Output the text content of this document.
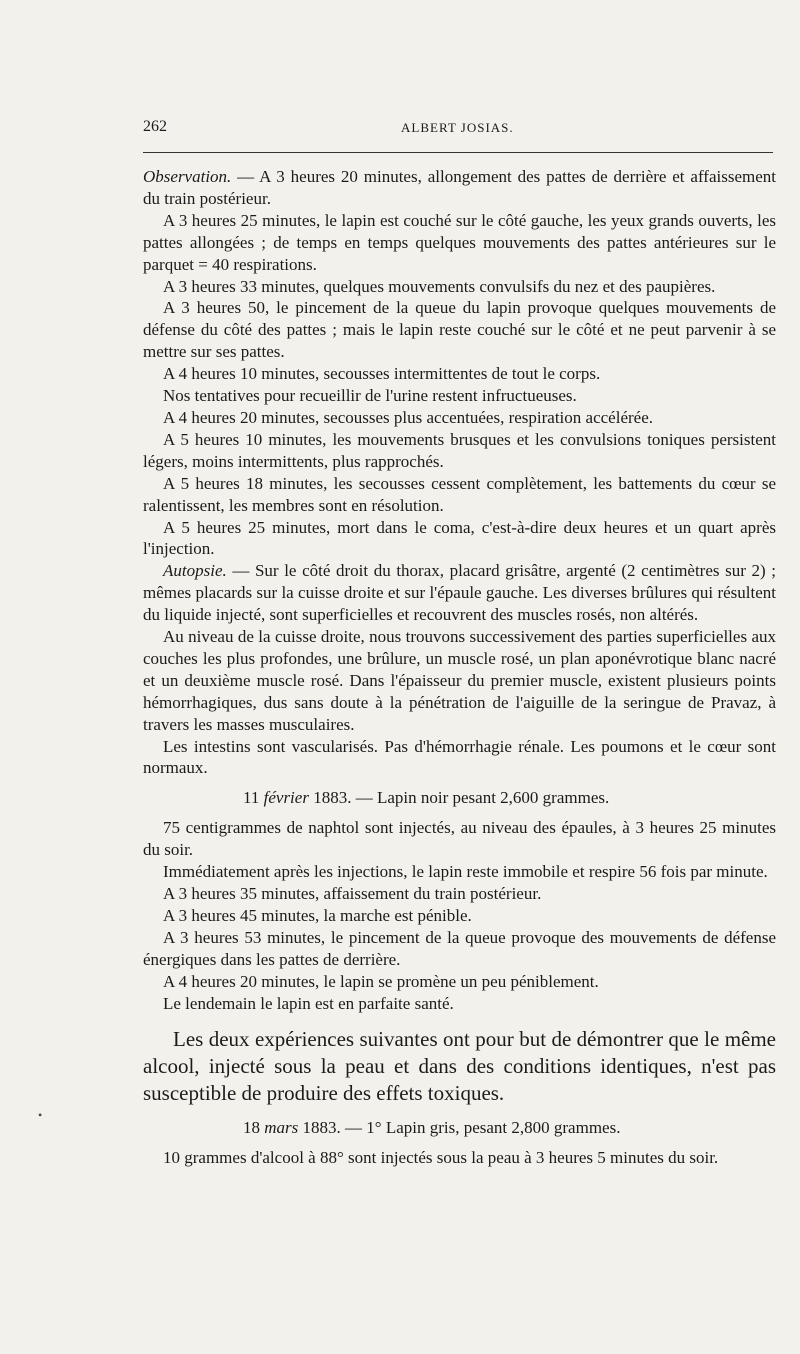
262	ALBERT JOSIAS.
•

Observation. — A 3 heures 20 minutes, allongement des pattes de derrière et affaissement du train postérieur.

A 3 heures 25 minutes, le lapin est couché sur le côté gauche, les yeux grands ouverts, les pattes allongées ; de temps en temps quelques mouvements des pattes antérieures sur le parquet = 40 respirations.

A 3 heures 33 minutes, quelques mouvements convulsifs du nez et des paupières.

A 3 heures 50, le pincement de la queue du lapin provoque quelques mouvements de défense du côté des pattes ; mais le lapin reste couché sur le côté et ne peut parvenir à se mettre sur ses pattes.

A 4 heures 10 minutes, secousses intermittentes de tout le corps.

Nos tentatives pour recueillir de l'urine restent infructueuses.

A 4 heures 20 minutes, secousses plus accentuées, respiration accélérée.

A 5 heures 10 minutes, les mouvements brusques et les convulsions toniques persistent légers, moins intermittents, plus rapprochés.

A 5 heures 18 minutes, les secousses cessent complètement, les battements du cœur se ralentissent, les membres sont en résolution.

A 5 heures 25 minutes, mort dans le coma, c'est-à-dire deux heures et un quart après l'injection.

Autopsie. — Sur le côté droit du thorax, placard grisâtre, argenté (2 centimètres sur 2) ; mêmes placards sur la cuisse droite et sur l'épaule gauche. Les diverses brûlures qui résultent du liquide injecté, sont superficielles et recouvrent des muscles rosés, non altérés.

Au niveau de la cuisse droite, nous trouvons successivement des parties superficielles aux couches les plus profondes, une brûlure, un muscle rosé, un plan aponévrotique blanc nacré et un deuxième muscle rosé. Dans l'épaisseur du premier muscle, existent plusieurs points hémorrhagiques, dus sans doute à la pénétration de l'aiguille de la seringue de Pravaz, à travers les masses musculaires.

Les intestins sont vascularisés. Pas d'hémorrhagie rénale. Les poumons et le cœur sont normaux.

11 février 1883. — Lapin noir pesant 2,600 grammes.

75 centigrammes de naphtol sont injectés, au niveau des épaules, à 3 heures 25 minutes du soir.

Immédiatement après les injections, le lapin reste immobile et respire 56 fois par minute.

A 3 heures 35 minutes, affaissement du train postérieur.

A 3 heures 45 minutes, la marche est pénible.

A 3 heures 53 minutes, le pincement de la queue provoque des mouvements de défense énergiques dans les pattes de derrière.

A 4 heures 20 minutes, le lapin se promène un peu péniblement.

Le lendemain le lapin est en parfaite santé.

Les deux expériences suivantes ont pour but de démontrer que le même alcool, injecté sous la peau et dans des conditions identiques, n'est pas susceptible de produire des effets toxiques.

18 mars 1883. — 1° Lapin gris, pesant 2,800 grammes.

10 grammes d'alcool à 88° sont injectés sous la peau à 3 heures 5 minutes du soir.
